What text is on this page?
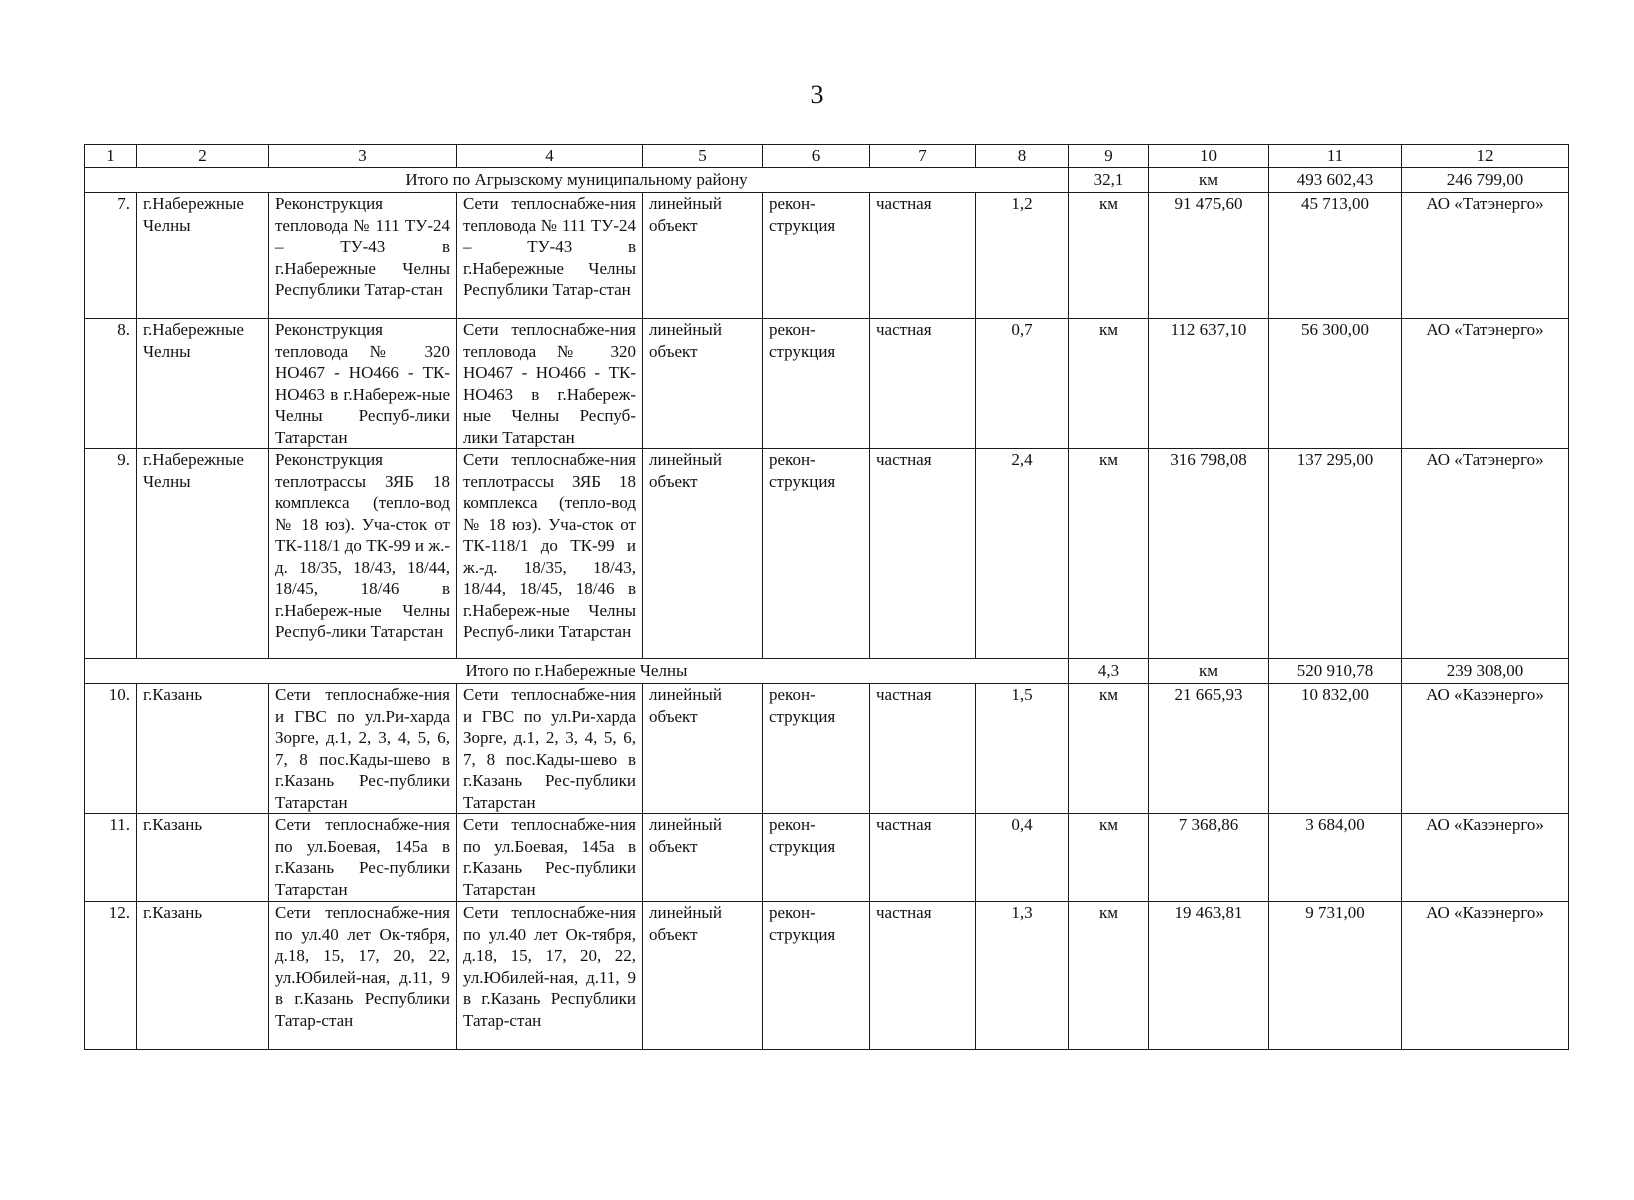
3
1	2	3	4	5	6	7	8	9	10	11	12	
Итого по Агрызскому муниципальному району								32,1	км	493 602,43	246 799,00	
7.	г.Набережные Челны	Реконструкция тепловода № 111 ТУ-24 – ТУ-43 в г.Набережные Челны Республики Татар-стан	Сети теплоснабже-ния тепловода № 111 ТУ-24 – ТУ-43 в г.Набережные Челны Республики Татар-стан	линейный объект	рекон-струкция	частная	1,2	км	91 475,60	45 713,00	АО «Татэнерго»	
8.	г.Набережные Челны	Реконструкция тепловода № 320 НО467 - НО466 - ТК-НО463 в г.Набереж-ные Челны Респуб-лики Татарстан	Сети теплоснабже-ния тепловода № 320 НО467 - НО466 - ТК-НО463 в г.Набереж-ные Челны Респуб-лики Татарстан	линейный объект	рекон-струкция	частная	0,7	км	112 637,10	56 300,00	АО «Татэнерго»	
9.	г.Набережные Челны	Реконструкция теплотрассы ЗЯБ 18 комплекса (тепло-вод № 18 юз). Уча-сток от ТК-118/1 до ТК-99 и ж.-д. 18/35, 18/43, 18/44, 18/45, 18/46 в г.Набереж-ные Челны Респуб-лики Татарстан	Сети теплоснабже-ния теплотрассы ЗЯБ 18 комплекса (тепло-вод № 18 юз). Уча-сток от ТК-118/1 до ТК-99 и ж.-д. 18/35, 18/43, 18/44, 18/45, 18/46 в г.Набереж-ные Челны Респуб-лики Татарстан	линейный объект	рекон-струкция	частная	2,4	км	316 798,08	137 295,00	АО «Татэнерго»	
Итого по г.Набережные Челны								4,3	км	520 910,78	239 308,00	
10.	г.Казань	Сети теплоснабже-ния и ГВС по ул.Ри-харда Зорге, д.1, 2, 3, 4, 5, 6, 7, 8 пос.Кады-шево в г.Казань Рес-публики Татарстан	Сети теплоснабже-ния и ГВС по ул.Ри-харда Зорге, д.1, 2, 3, 4, 5, 6, 7, 8 пос.Кады-шево в г.Казань Рес-публики Татарстан	линейный объект	рекон-струкция	частная	1,5	км	21 665,93	10 832,00	АО «Казэнерго»	
11.	г.Казань	Сети теплоснабже-ния по ул.Боевая, 145а в г.Казань Рес-публики Татарстан	Сети теплоснабже-ния по ул.Боевая, 145а в г.Казань Рес-публики Татарстан	линейный объект	рекон-струкция	частная	0,4	км	7 368,86	3 684,00	АО «Казэнерго»	
12.	г.Казань	Сети теплоснабже-ния по ул.40 лет Ок-тября, д.18, 15, 17, 20, 22, ул.Юбилей-ная, д.11, 9 в г.Казань Республики Татар-стан	Сети теплоснабже-ния по ул.40 лет Ок-тября, д.18, 15, 17, 20, 22, ул.Юбилей-ная, д.11, 9 в г.Казань Республики Татар-стан	линейный объект	рекон-струкция	частная	1,3	км	19 463,81	9 731,00	АО «Казэнерго»	
